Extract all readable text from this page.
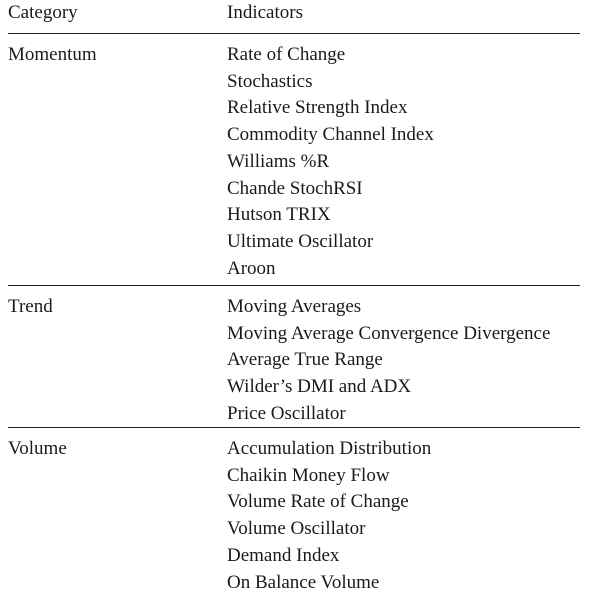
Category	Indicators
Momentum	Rate of Change
Stochastics
Relative Strength Index
Commodity Channel Index
Williams %R
Chande StochRSI
Hutson TRIX
Ultimate Oscillator
Aroon
Trend	Moving Averages
Moving Average Convergence Divergence
Average True Range
Wilder’s DMI and ADX
Price Oscillator
Volume	Accumulation Distribution
Chaikin Money Flow
Volume Rate of Change
Volume Oscillator
Demand Index
On Balance Volume
